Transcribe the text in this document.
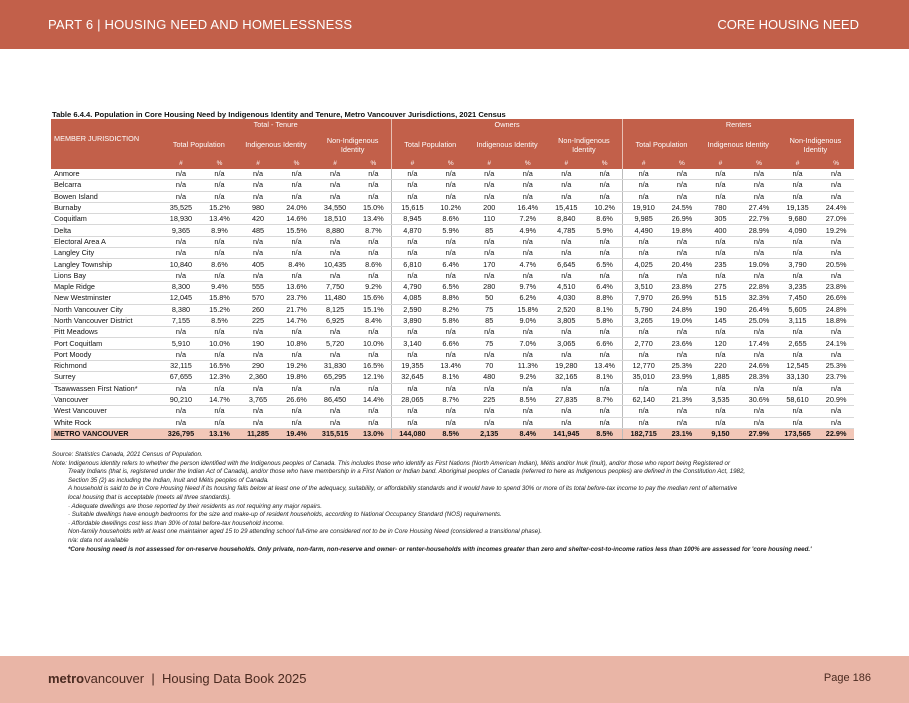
PART 6 | HOUSING NEED AND HOMELESSNESS	CORE HOUSING NEED
Table 6.4.4. Population in Core Housing Need by Indigenous Identity and Tenure, Metro Vancouver Jurisdictions, 2021 Census
MEMBER JURISDICTION	Total - Tenure						Owners						Renters					
	Total Population		Indigenous Identity		Non-Indigenous Identity		Total Population		Indigenous Identity		Non-Indigenous Identity		Total Population		Indigenous Identity		Non-Indigenous Identity	
	#	%	#	%	#	%	#	%	#	%	#	%	#	%	#	%	#	%
Anmore	n/a	n/a	n/a	n/a	n/a	n/a	n/a	n/a	n/a	n/a	n/a	n/a	n/a	n/a	n/a	n/a	n/a	n/a
Belcarra	n/a	n/a	n/a	n/a	n/a	n/a	n/a	n/a	n/a	n/a	n/a	n/a	n/a	n/a	n/a	n/a	n/a	n/a
Bowen Island	n/a	n/a	n/a	n/a	n/a	n/a	n/a	n/a	n/a	n/a	n/a	n/a	n/a	n/a	n/a	n/a	n/a	n/a
Burnaby	35,525	15.2%	980	24.0%	34,550	15.0%	15,615	10.2%	200	16.4%	15,415	10.2%	19,910	24.5%	780	27.4%	19,135	24.4%
Coquitlam	18,930	13.4%	420	14.6%	18,510	13.4%	8,945	8.6%	110	7.2%	8,840	8.6%	9,985	26.9%	305	22.7%	9,680	27.0%
Delta	9,365	8.9%	485	15.5%	8,880	8.7%	4,870	5.9%	85	4.9%	4,785	5.9%	4,490	19.8%	400	28.9%	4,090	19.2%
Electoral Area A	n/a	n/a	n/a	n/a	n/a	n/a	n/a	n/a	n/a	n/a	n/a	n/a	n/a	n/a	n/a	n/a	n/a	n/a
Langley City	n/a	n/a	n/a	n/a	n/a	n/a	n/a	n/a	n/a	n/a	n/a	n/a	n/a	n/a	n/a	n/a	n/a	n/a
Langley Township	10,840	8.6%	405	8.4%	10,435	8.6%	6,810	6.4%	170	4.7%	6,645	6.5%	4,025	20.4%	235	19.0%	3,790	20.5%
Lions Bay	n/a	n/a	n/a	n/a	n/a	n/a	n/a	n/a	n/a	n/a	n/a	n/a	n/a	n/a	n/a	n/a	n/a	n/a
Maple Ridge	8,300	9.4%	555	13.6%	7,750	9.2%	4,790	6.5%	280	9.7%	4,510	6.4%	3,510	23.8%	275	22.8%	3,235	23.8%
New Westminster	12,045	15.8%	570	23.7%	11,480	15.6%	4,085	8.8%	50	6.2%	4,030	8.8%	7,970	26.9%	515	32.3%	7,450	26.6%
North Vancouver City	8,380	15.2%	260	21.7%	8,125	15.1%	2,590	8.2%	75	15.8%	2,520	8.1%	5,790	24.8%	190	26.4%	5,605	24.8%
North Vancouver District	7,155	8.5%	225	14.7%	6,925	8.4%	3,890	5.8%	85	9.0%	3,805	5.8%	3,265	19.0%	145	25.0%	3,115	18.8%
Pitt Meadows	n/a	n/a	n/a	n/a	n/a	n/a	n/a	n/a	n/a	n/a	n/a	n/a	n/a	n/a	n/a	n/a	n/a	n/a
Port Coquitlam	5,910	10.0%	190	10.8%	5,720	10.0%	3,140	6.6%	75	7.0%	3,065	6.6%	2,770	23.6%	120	17.4%	2,655	24.1%
Port Moody	n/a	n/a	n/a	n/a	n/a	n/a	n/a	n/a	n/a	n/a	n/a	n/a	n/a	n/a	n/a	n/a	n/a	n/a
Richmond	32,115	16.5%	290	19.2%	31,830	16.5%	19,355	13.4%	70	11.3%	19,280	13.4%	12,770	25.3%	220	24.6%	12,545	25.3%
Surrey	67,655	12.3%	2,360	19.8%	65,295	12.1%	32,645	8.1%	480	9.2%	32,165	8.1%	35,010	23.9%	1,885	28.3%	33,130	23.7%
Tsawwassen First Nation*	n/a	n/a	n/a	n/a	n/a	n/a	n/a	n/a	n/a	n/a	n/a	n/a	n/a	n/a	n/a	n/a	n/a	n/a
Vancouver	90,210	14.7%	3,765	26.6%	86,450	14.4%	28,065	8.7%	225	8.5%	27,835	8.7%	62,140	21.3%	3,535	30.6%	58,610	20.9%
West Vancouver	n/a	n/a	n/a	n/a	n/a	n/a	n/a	n/a	n/a	n/a	n/a	n/a	n/a	n/a	n/a	n/a	n/a	n/a
White Rock	n/a	n/a	n/a	n/a	n/a	n/a	n/a	n/a	n/a	n/a	n/a	n/a	n/a	n/a	n/a	n/a	n/a	n/a
METRO VANCOUVER	326,795	13.1%	11,285	19.4%	315,515	13.0%	144,080	8.5%	2,135	8.4%	141,945	8.5%	182,715	23.1%	9,150	27.9%	173,565	22.9%
Source: Statistics Canada, 2021 Census of Population.
Note: Indigenous identity refers to whether the person identified with the Indigenous peoples of Canada. This includes those who identify as First Nations (North American Indian), Métis and/or Inuk (Inuit), and/or those who report being Registered or
Treaty Indians (that is, registered under the Indian Act of Canada), and/or those who have membership in a First Nation or Indian band. Aboriginal peoples of Canada (referred to here as Indigenous peoples) are defined in the Constitution Act, 1982,
Section 35 (2) as including the Indian, Inuit and Métis peoples of Canada.
A household is said to be in Core Housing Need if its housing falls below at least one of the adequacy, suitability, or affordability standards and it would have to spend 30% or more of its total before-tax income to pay the median rent of alternative
local housing that is acceptable (meets all three standards).
· Adequate dwellings are those reported by their residents as not requiring any major repairs.
· Suitable dwellings have enough bedrooms for the size and make-up of resident households, according to National Occupancy Standard (NOS) requirements.
· Affordable dwellings cost less than 30% of total before-tax household income.
Non-family households with at least one maintainer aged 15 to 29 attending school full-time are considered not to be in Core Housing Need (considered a transitional phase).
n/a: data not available
*Core housing need is not assessed for on-reserve households. Only private, non-farm, non-reserve and owner- or renter-households with incomes greater than zero and shelter-cost-to-income ratios less than 100% are assessed for 'core housing need.'
metrovancouver | Housing Data Book 2025	Page 186
